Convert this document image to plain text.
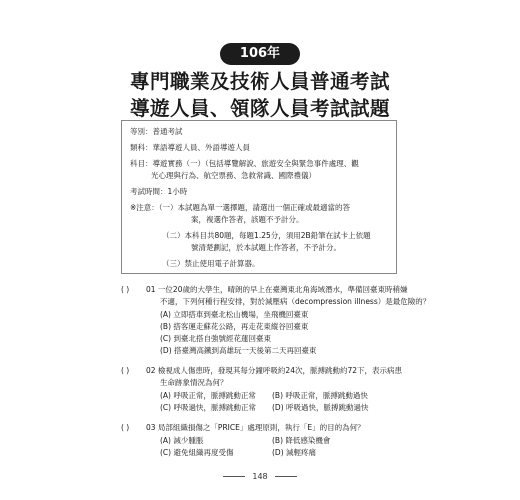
106年
專門職業及技術人員普通考試
導遊人員、領隊人員考試試題
等別：普通考試
類科：華語導遊人員、外語導遊人員
科目：導遊實務（一）（包括導覽解說、旅遊安全與緊急事件處理、觀
光心理與行為、航空票務、急救常識、國際禮儀）
考試時間：1小時
※注意：（一）本試題為單一選擇題，請選出一個正確或最適當的答
案，複選作答者，該題不予計分。
（二）本科目共80題，每題1.25分，須用2B鉛筆在試卡上依題
號清楚劃記，於本試題上作答者，不予計分。
（三）禁止使用電子計算器。
( ) 01 一位20歲的大學生，晴朗的早上在臺灣東北角海域潛水，準備回臺東時稍嫌
不適，下列何種行程安排，對於減壓病（decompression illness）是最危險的？
(A) 立即搭車到臺北松山機場，坐飛機回臺東
(B) 搭客運走蘇花公路，再走花東縱谷回臺東
(C) 到臺北搭自強號經花蓮回臺東
(D) 搭臺灣高鐵到高雄玩一天後第二天再回臺東
( ) 02 檢視成人傷患時，發現其每分鐘呼吸約24次，脈搏跳動約72下，表示病患
生命跡象情況為何？
(A) 呼吸正常，脈搏跳動正常 (B) 呼吸正常，脈搏跳動過快
(C) 呼吸過快，脈搏跳動正常 (D) 呼吸過快，脈搏跳動過快
( ) 03 局部組織損傷之「PRICE」處理原則，執行「E」的目的為何？
(A) 減少腫脹	(B) 降低感染機會
(C) 避免組織再度受傷	(D) 減輕疼痛
148
